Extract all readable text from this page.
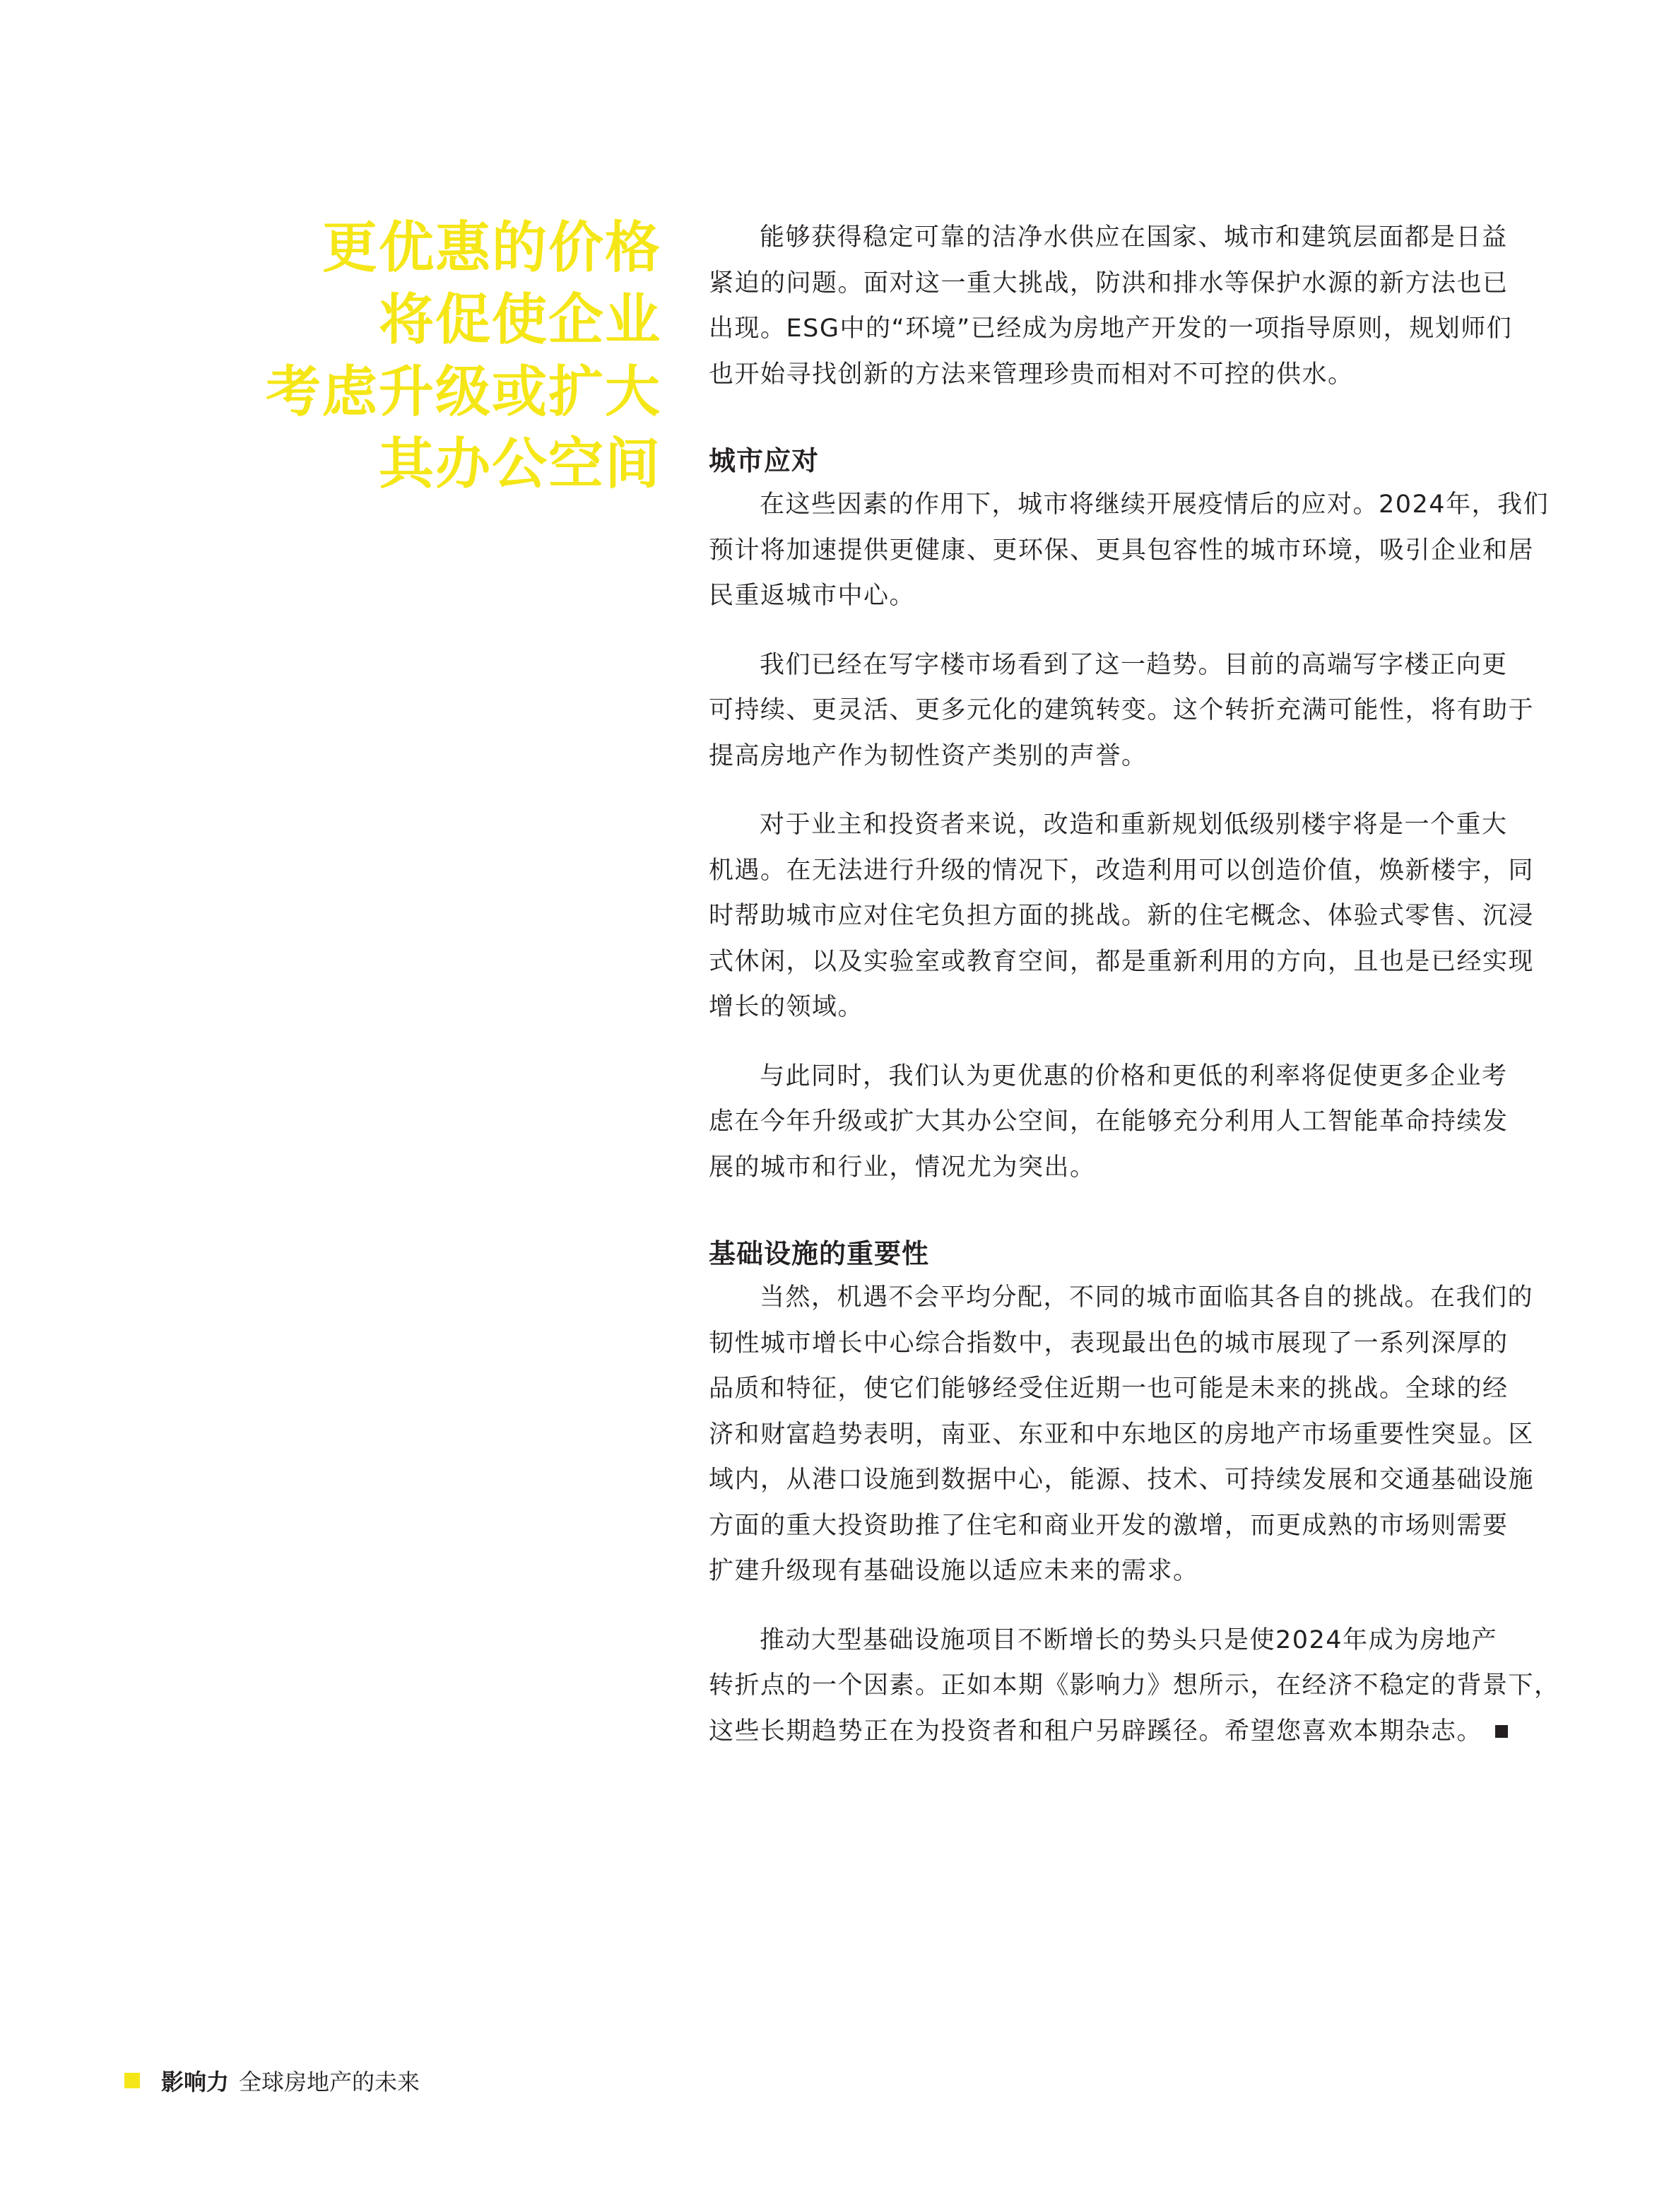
更优惠的价格
将促使企业
考虑升级或扩大
其办公空间

能够获得稳定可靠的洁净水供应在国家、城市和建筑层面都是日益
紧迫的问题。面对这一重大挑战，防洪和排水等保护水源的新方法也已
出现。ESG中的“环境”已经成为房地产开发的一项指导原则，规划师们
也开始寻找创新的方法来管理珍贵而相对不可控的供水。

城市应对

在这些因素的作用下，城市将继续开展疫情后的应对。2024年，我们
预计将加速提供更健康、更环保、更具包容性的城市环境，吸引企业和居
民重返城市中心。

我们已经在写字楼市场看到了这一趋势。目前的高端写字楼正向更
可持续、更灵活、更多元化的建筑转变。这个转折充满可能性，将有助于
提高房地产作为韧性资产类别的声誉。

对于业主和投资者来说，改造和重新规划低级别楼宇将是一个重大
机遇。在无法进行升级的情况下，改造利用可以创造价值，焕新楼宇，同
时帮助城市应对住宅负担方面的挑战。新的住宅概念、体验式零售、沉浸
式休闲，以及实验室或教育空间，都是重新利用的方向，且也是已经实现
增长的领域。

与此同时，我们认为更优惠的价格和更低的利率将促使更多企业考
虑在今年升级或扩大其办公空间，在能够充分利用人工智能革命持续发
展的城市和行业，情况尤为突出。

基础设施的重要性

当然，机遇不会平均分配，不同的城市面临其各自的挑战。在我们的
韧性城市增长中心综合指数中，表现最出色的城市展现了一系列深厚的
品质和特征，使它们能够经受住近期一也可能是未来的挑战。全球的经
济和财富趋势表明，南亚、东亚和中东地区的房地产市场重要性突显。区
域内，从港口设施到数据中心，能源、技术、可持续发展和交通基础设施
方面的重大投资助推了住宅和商业开发的激增，而更成熟的市场则需要
扩建升级现有基础设施以适应未来的需求。

推动大型基础设施项目不断增长的势头只是使2024年成为房地产
转折点的一个因素。正如本期《影响力》想所示，在经济不稳定的背景下，
这些长期趋势正在为投资者和租户另辟蹊径。希望您喜欢本期杂志。

影响力 全球房地产的未来
